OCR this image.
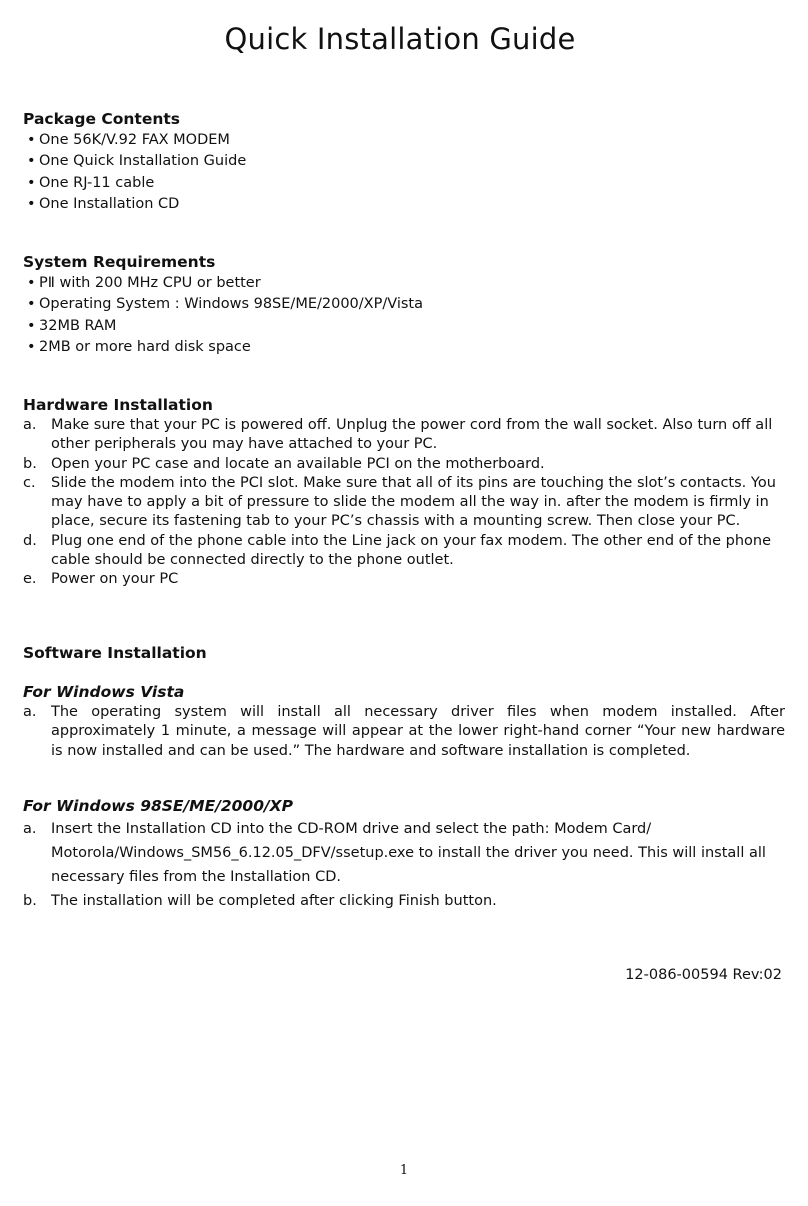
Quick Installation Guide
Package Contents
• One 56K/V.92 FAX MODEM
• One Quick Installation Guide
• One RJ-11 cable
• One Installation CD
System Requirements
• PⅡ with 200 MHz CPU or better
• Operating System : Windows 98SE/ME/2000/XP/Vista
• 32MB RAM
• 2MB or more hard disk space
Hardware Installation
a. Make sure that your PC is powered off. Unplug the power cord from the wall socket. Also turn off all other peripherals you may have attached to your PC.
b. Open your PC case and locate an available PCI on the motherboard.
c. Slide the modem into the PCI slot. Make sure that all of its pins are touching the slot’s contacts. You may have to apply a bit of pressure to slide the modem all the way in. after the modem is firmly in place, secure its fastening tab to your PC’s chassis with a mounting screw. Then close your PC.
d. Plug one end of the phone cable into the Line jack on your fax modem. The other end of the phone cable should be connected directly to the phone outlet.
e. Power on your PC
Software Installation
For Windows Vista
a. The operating system will install all necessary driver files when modem installed. After approximately 1 minute, a message will appear at the lower right-hand corner “Your new hardware is now installed and can be used.” The hardware and software installation is completed.
For Windows 98SE/ME/2000/XP
a. Insert the Installation CD into the CD-ROM drive and select the path: Modem Card/ Motorola/Windows_SM56_6.12.05_DFV/ssetup.exe to install the driver you need. This will install all necessary files from the Installation CD.
b. The installation will be completed after clicking Finish button.
12-086-00594 Rev:02
1
